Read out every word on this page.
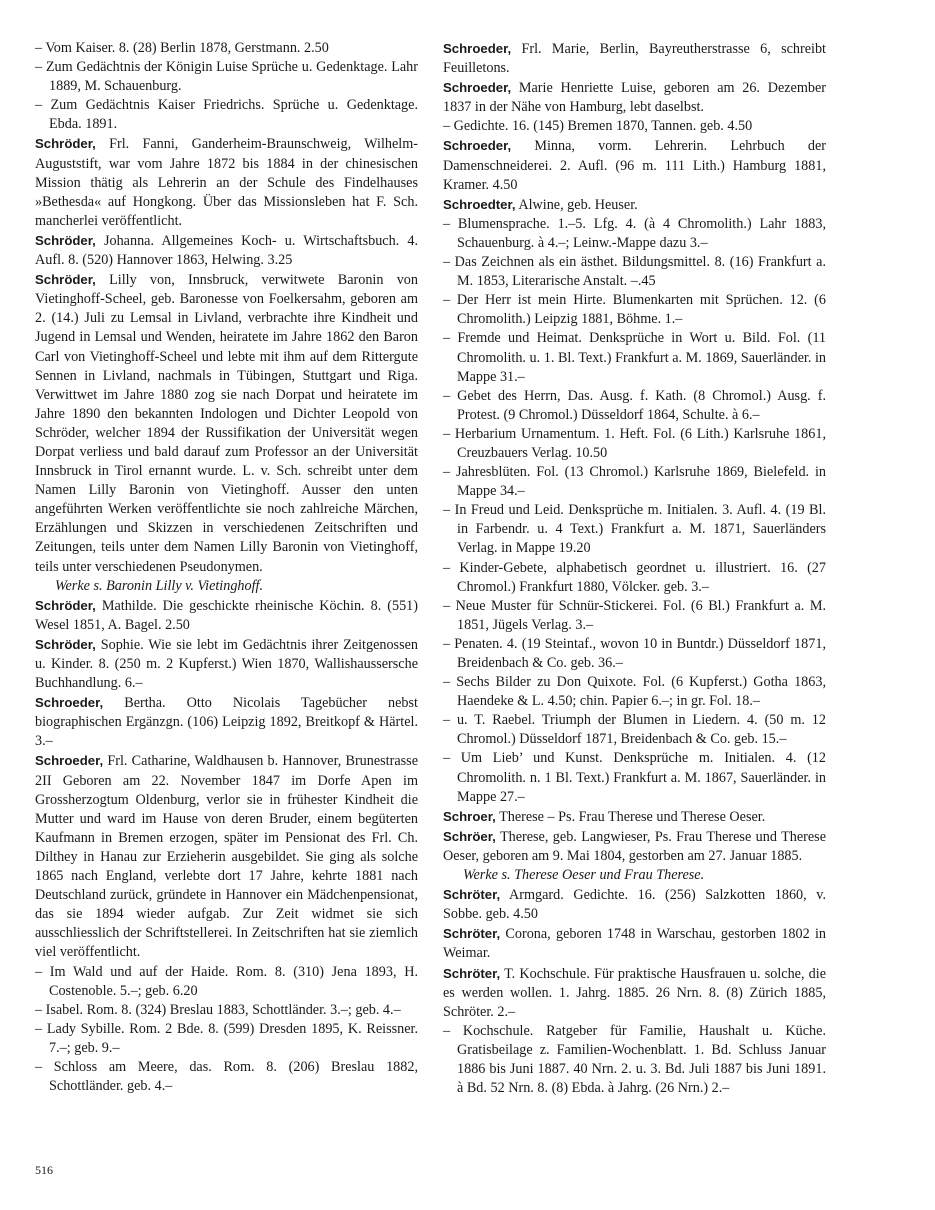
– Vom Kaiser. 8. (28) Berlin 1878, Gerstmann. 2.50

– Zum Gedächtnis der Königin Luise Sprüche u. Gedenktage. Lahr 1889, M. Schauenburg.

– Zum Gedächtnis Kaiser Friedrichs. Sprüche u. Gedenktage. Ebda. 1891.

Schröder, Frl. Fanni, Ganderheim-Braunschweig, Wilhelm-Auguststift, war vom Jahre 1872 bis 1884 in der chinesischen Mission thätig als Lehrerin an der Schule des Findelhauses »Bethesda« auf Hongkong. Über das Missionsleben hat F. Sch. mancherlei veröffentlicht.

Schröder, Johanna. Allgemeines Koch- u. Wirtschaftsbuch. 4. Aufl. 8. (520) Hannover 1863, Helwing. 3.25

Schröder, Lilly von, Innsbruck, verwitwete Baronin von Vietinghoff-Scheel, geb. Baronesse von Foelkersahm, geboren am 2. (14.) Juli zu Lemsal in Livland, verbrachte ihre Kindheit und Jugend in Lemsal und Wenden, heiratete im Jahre 1862 den Baron Carl von Vietinghoff-Scheel und lebte mit ihm auf dem Rittergute Sennen in Livland, nachmals in Tübingen, Stuttgart und Riga. Verwittwet im Jahre 1880 zog sie nach Dorpat und heiratete im Jahre 1890 den bekannten Indologen und Dichter Leopold von Schröder, welcher 1894 der Russifikation der Universität wegen Dorpat verliess und bald darauf zum Professor an der Universität Innsbruck in Tirol ernannt wurde. L. v. Sch. schreibt unter dem Namen Lilly Baronin von Vietinghoff. Ausser den unten angeführten Werken veröffentlichte sie noch zahlreiche Märchen, Erzählungen und Skizzen in verschiedenen Zeitschriften und Zeitungen, teils unter dem Namen Lilly Baronin von Vietinghoff, teils unter verschiedenen Pseudonymen.

Werke s. Baronin Lilly v. Vietinghoff.

Schröder, Mathilde. Die geschickte rheinische Köchin. 8. (551) Wesel 1851, A. Bagel. 2.50

Schröder, Sophie. Wie sie lebt im Gedächtnis ihrer Zeitgenossen u. Kinder. 8. (250 m. 2 Kupferst.) Wien 1870, Wallishaussersche Buchhandlung. 6.–

Schroeder, Bertha. Otto Nicolais Tagebücher nebst biographischen Ergänzgn. (106) Leipzig 1892, Breitkopf & Härtel. 3.–

Schroeder, Frl. Catharine, Waldhausen b. Hannover, Brunestrasse 2II Geboren am 22. November 1847 im Dorfe Apen im Grossherzogtum Oldenburg, verlor sie in frühester Kindheit die Mutter und ward im Hause von deren Bruder, einem begüterten Kaufmann in Bremen erzogen, später im Pensionat des Frl. Ch. Dilthey in Hanau zur Erzieherin ausgebildet. Sie ging als solche 1865 nach England, verlebte dort 17 Jahre, kehrte 1881 nach Deutschland zurück, gründete in Hannover ein Mädchenpensionat, das sie 1894 wieder aufgab. Zur Zeit widmet sie sich ausschliesslich der Schriftstellerei. In Zeitschriften hat sie ziemlich viel veröffentlicht.

– Im Wald und auf der Haide. Rom. 8. (310) Jena 1893, H. Costenoble. 5.–; geb. 6.20

– Isabel. Rom. 8. (324) Breslau 1883, Schottländer. 3.–; geb. 4.–

– Lady Sybille. Rom. 2 Bde. 8. (599) Dresden 1895, K. Reissner. 7.–; geb. 9.–

– Schloss am Meere, das. Rom. 8. (206) Breslau 1882, Schottländer. geb. 4.–

Schroeder, Frl. Marie, Berlin, Bayreutherstrasse 6, schreibt Feuilletons.

Schroeder, Marie Henriette Luise, geboren am 26. Dezember 1837 in der Nähe von Hamburg, lebt daselbst.

– Gedichte. 16. (145) Bremen 1870, Tannen. geb. 4.50

Schroeder, Minna, vorm. Lehrerin. Lehrbuch der Damenschneiderei. 2. Aufl. (96 m. 111 Lith.) Hamburg 1881, Kramer. 4.50

Schroedter, Alwine, geb. Heuser.

– Blumensprache. 1.–5. Lfg. 4. (à 4 Chromolith.) Lahr 1883, Schauenburg. à 4.–; Leinw.-Mappe dazu 3.–

– Das Zeichnen als ein ästhet. Bildungsmittel. 8. (16) Frankfurt a. M. 1853, Literarische Anstalt. –.45

– Der Herr ist mein Hirte. Blumenkarten mit Sprüchen. 12. (6 Chromolith.) Leipzig 1881, Böhme. 1.–

– Fremde und Heimat. Denksprüche in Wort u. Bild. Fol. (11 Chromolith. u. 1. Bl. Text.) Frankfurt a. M. 1869, Sauerländer. in Mappe 31.–

– Gebet des Herrn, Das. Ausg. f. Kath. (8 Chromol.) Ausg. f. Protest. (9 Chromol.) Düsseldorf 1864, Schulte. à 6.–

– Herbarium Urnamentum. 1. Heft. Fol. (6 Lith.) Karlsruhe 1861, Creuzbauers Verlag. 10.50

– Jahresblüten. Fol. (13 Chromol.) Karlsruhe 1869, Bielefeld. in Mappe 34.–

– In Freud und Leid. Denksprüche m. Initialen. 3. Aufl. 4. (19 Bl. in Farbendr. u. 4 Text.) Frankfurt a. M. 1871, Sauerländers Verlag. in Mappe 19.20

– Kinder-Gebete, alphabetisch geordnet u. illustriert. 16. (27 Chromol.) Frankfurt 1880, Völcker. geb. 3.–

– Neue Muster für Schnür-Stickerei. Fol. (6 Bl.) Frankfurt a. M. 1851, Jügels Verlag. 3.–

– Penaten. 4. (19 Steintaf., wovon 10 in Buntdr.) Düsseldorf 1871, Breidenbach & Co. geb. 36.–

– Sechs Bilder zu Don Quixote. Fol. (6 Kupferst.) Gotha 1863, Haendeke & L. 4.50; chin. Papier 6.–; in gr. Fol. 18.–

– u. T. Raebel. Triumph der Blumen in Liedern. 4. (50 m. 12 Chromol.) Düsseldorf 1871, Breidenbach & Co. geb. 15.–

– Um Lieb’ und Kunst. Denksprüche m. Initialen. 4. (12 Chromolith. n. 1 Bl. Text.) Frankfurt a. M. 1867, Sauerländer. in Mappe 27.–

Schroer, Therese – Ps. Frau Therese und Therese Oeser.

Schröer, Therese, geb. Langwieser, Ps. Frau Therese und Therese Oeser, geboren am 9. Mai 1804, gestorben am 27. Januar 1885.

Werke s. Therese Oeser und Frau Therese.

Schröter, Armgard. Gedichte. 16. (256) Salzkotten 1860, v. Sobbe. geb. 4.50

Schröter, Corona, geboren 1748 in Warschau, gestorben 1802 in Weimar.

Schröter, T. Kochschule. Für praktische Hausfrauen u. solche, die es werden wollen. 1. Jahrg. 1885. 26 Nrn. 8. (8) Zürich 1885, Schröter. 2.–

– Kochschule. Ratgeber für Familie, Haushalt u. Küche. Gratisbeilage z. Familien-Wochenblatt. 1. Bd. Schluss Januar 1886 bis Juni 1887. 40 Nrn. 2. u. 3. Bd. Juli 1887 bis Juni 1891. à Bd. 52 Nrn. 8. (8) Ebda. à Jahrg. (26 Nrn.) 2.–

516
